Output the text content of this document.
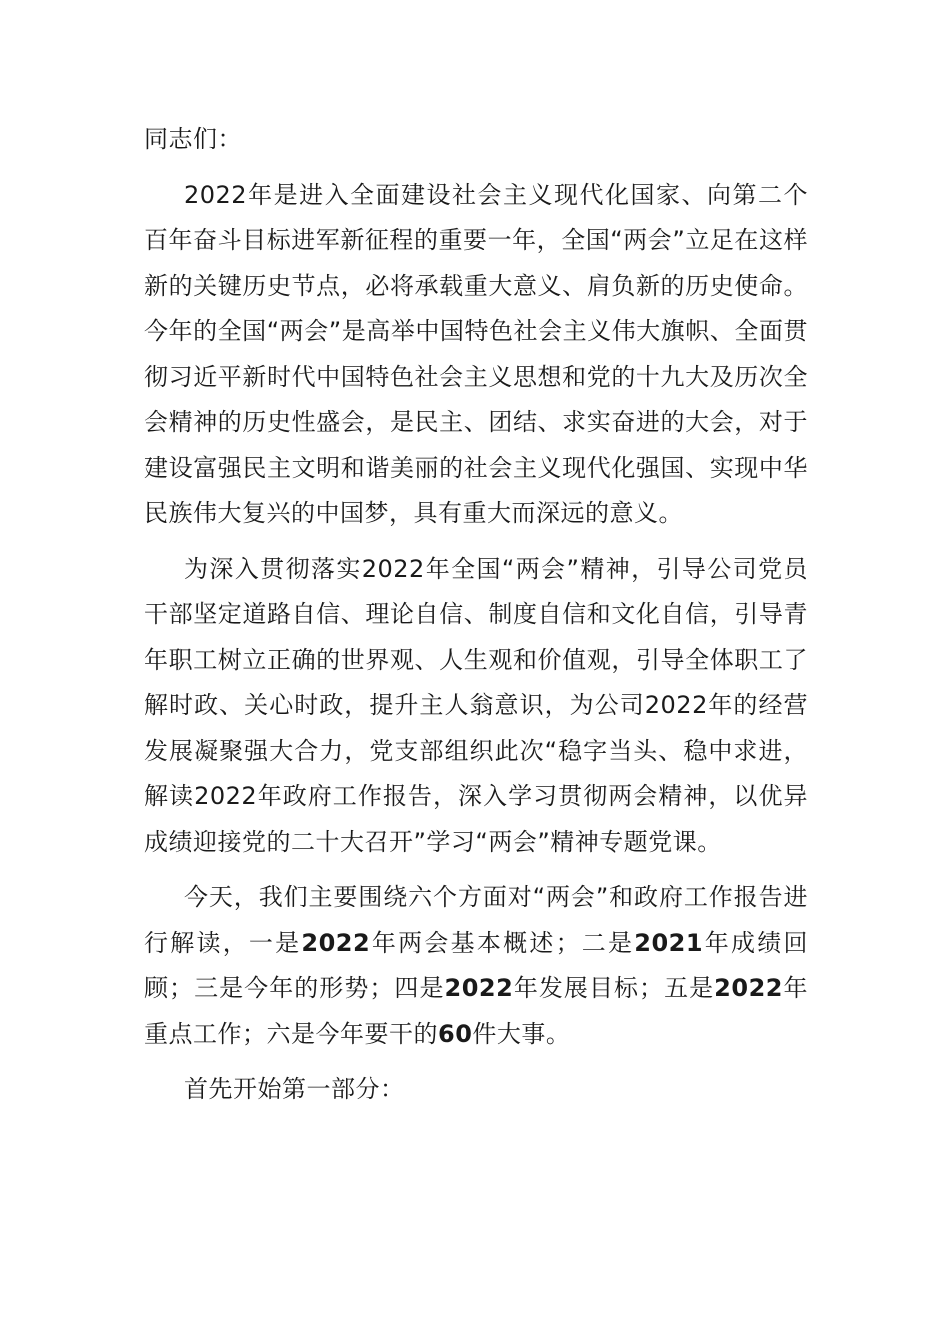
同志们：

2022年是进入全面建设社会主义现代化国家、向第二个百年奋斗目标进军新征程的重要一年，全国“两会”立足在这样新的关键历史节点，必将承载重大意义、肩负新的历史使命。今年的全国“两会”是高举中国特色社会主义伟大旗帜、全面贯彻习近平新时代中国特色社会主义思想和党的十九大及历次全会精神的历史性盛会，是民主、团结、求实奋进的大会，对于建设富强民主文明和谐美丽的社会主义现代化强国、实现中华民族伟大复兴的中国梦，具有重大而深远的意义。

为深入贯彻落实2022年全国“两会”精神，引导公司党员干部坚定道路自信、理论自信、制度自信和文化自信，引导青年职工树立正确的世界观、人生观和价值观，引导全体职工了解时政、关心时政，提升主人翁意识，为公司2022年的经营发展凝聚强大合力，党支部组织此次“稳字当头、稳中求进，解读2022年政府工作报告，深入学习贯彻两会精神，以优异成绩迎接党的二十大召开”学习“两会”精神专题党课。

今天，我们主要围绕六个方面对“两会”和政府工作报告进行解读，一是2022年两会基本概述；二是2021年成绩回顾；三是今年的形势；四是2022年发展目标；五是2022年重点工作；六是今年要干的60件大事。

首先开始第一部分：
